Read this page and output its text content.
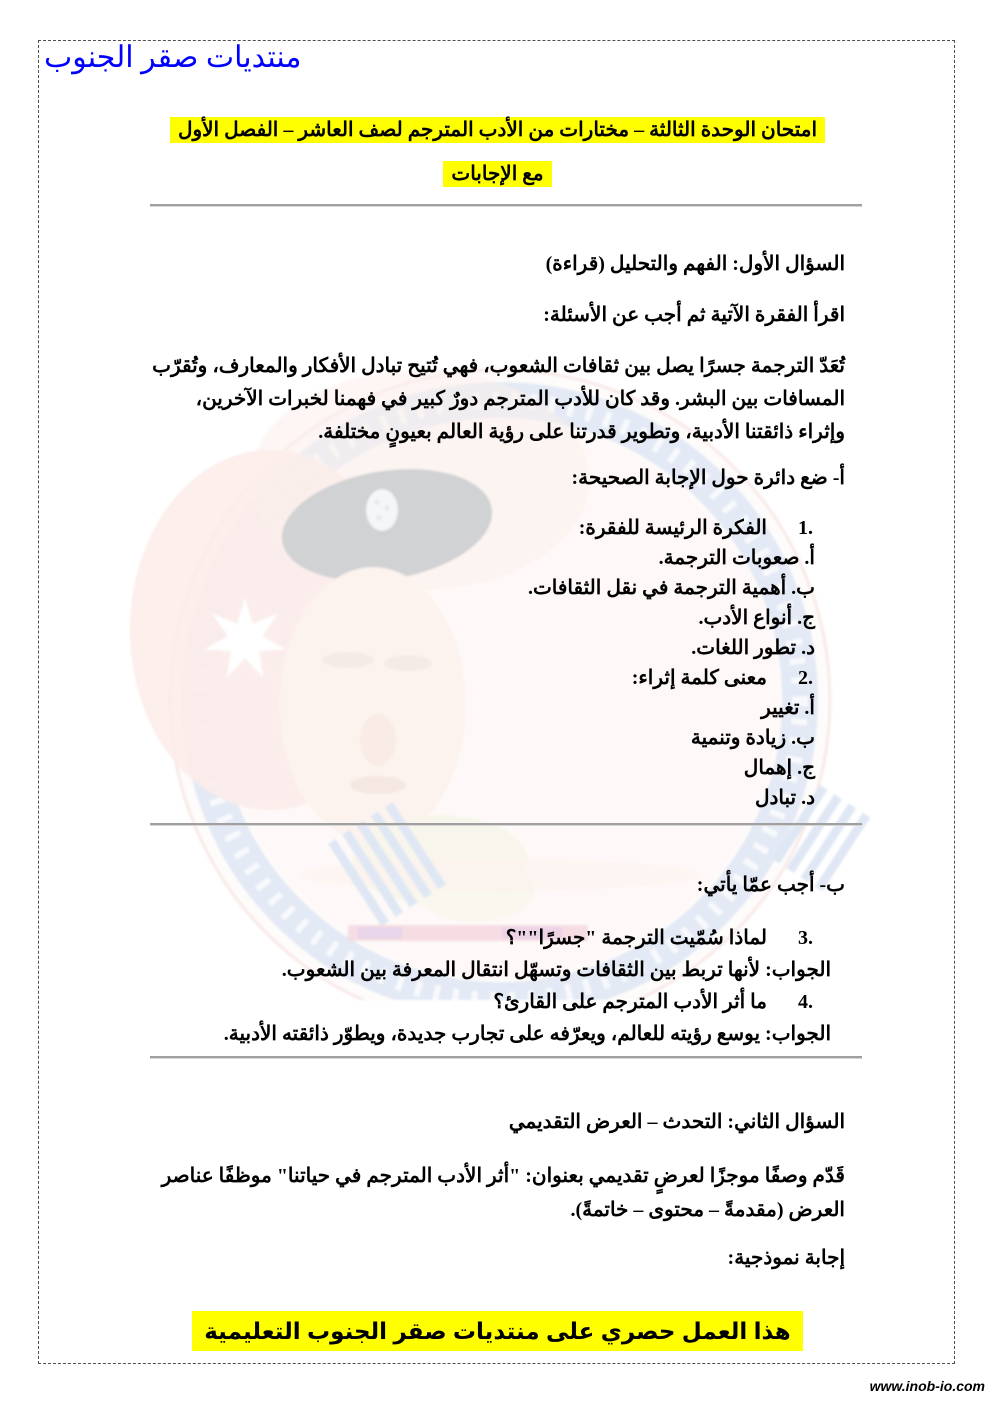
منتديات صقر الجنوب
امتحان الوحدة الثالثة – مختارات من الأدب المترجم لصف العاشر – الفصل الأول
مع الإجابات
السؤال الأول: الفهم والتحليل (قراءة)
اقرأ الفقرة الآتية ثم أجب عن الأسئلة:
تُعَدّ الترجمة جسرًا يصل بين ثقافات الشعوب، فهي تُتيح تبادل الأفكار والمعارف، وتُقرّب المسافات بين البشر. وقد كان للأدب المترجم دورٌ كبير في فهمنا لخبرات الآخرين، وإثراء ذائقتنا الأدبية، وتطوير قدرتنا على رؤية العالم بعيونٍ مختلفة.
أ- ضع دائرة حول الإجابة الصحيحة:
1.
الفكرة الرئيسة للفقرة:
أ. صعوبات الترجمة.
ب. أهمية الترجمة في نقل الثقافات.
ج. أنواع الأدب.
د. تطور اللغات.
2.
معنى كلمة إثراء:
أ. تغيير
ب. زيادة وتنمية
ج. إهمال
د. تبادل
ب- أجب عمّا يأتي:
3.
لماذا سُمّيت الترجمة "جسرًا""؟
الجواب: لأنها تربط بين الثقافات وتسهّل انتقال المعرفة بين الشعوب.
4.
ما أثر الأدب المترجم على القارئ؟
الجواب: يوسع رؤيته للعالم، ويعرّفه على تجارب جديدة، ويطوّر ذائقته الأدبية.
السؤال الثاني: التحدث – العرض التقديمي
قَدّم وصفًا موجزًا لعرضٍ تقديمي بعنوان: "أثر الأدب المترجم في حياتنا" موظفًا عناصر العرض (مقدمةً – محتوى – خاتمةً).
إجابة نموذجية:
هذا العمل حصري على منتديات صقر الجنوب التعليمية
www.inob-io.com
